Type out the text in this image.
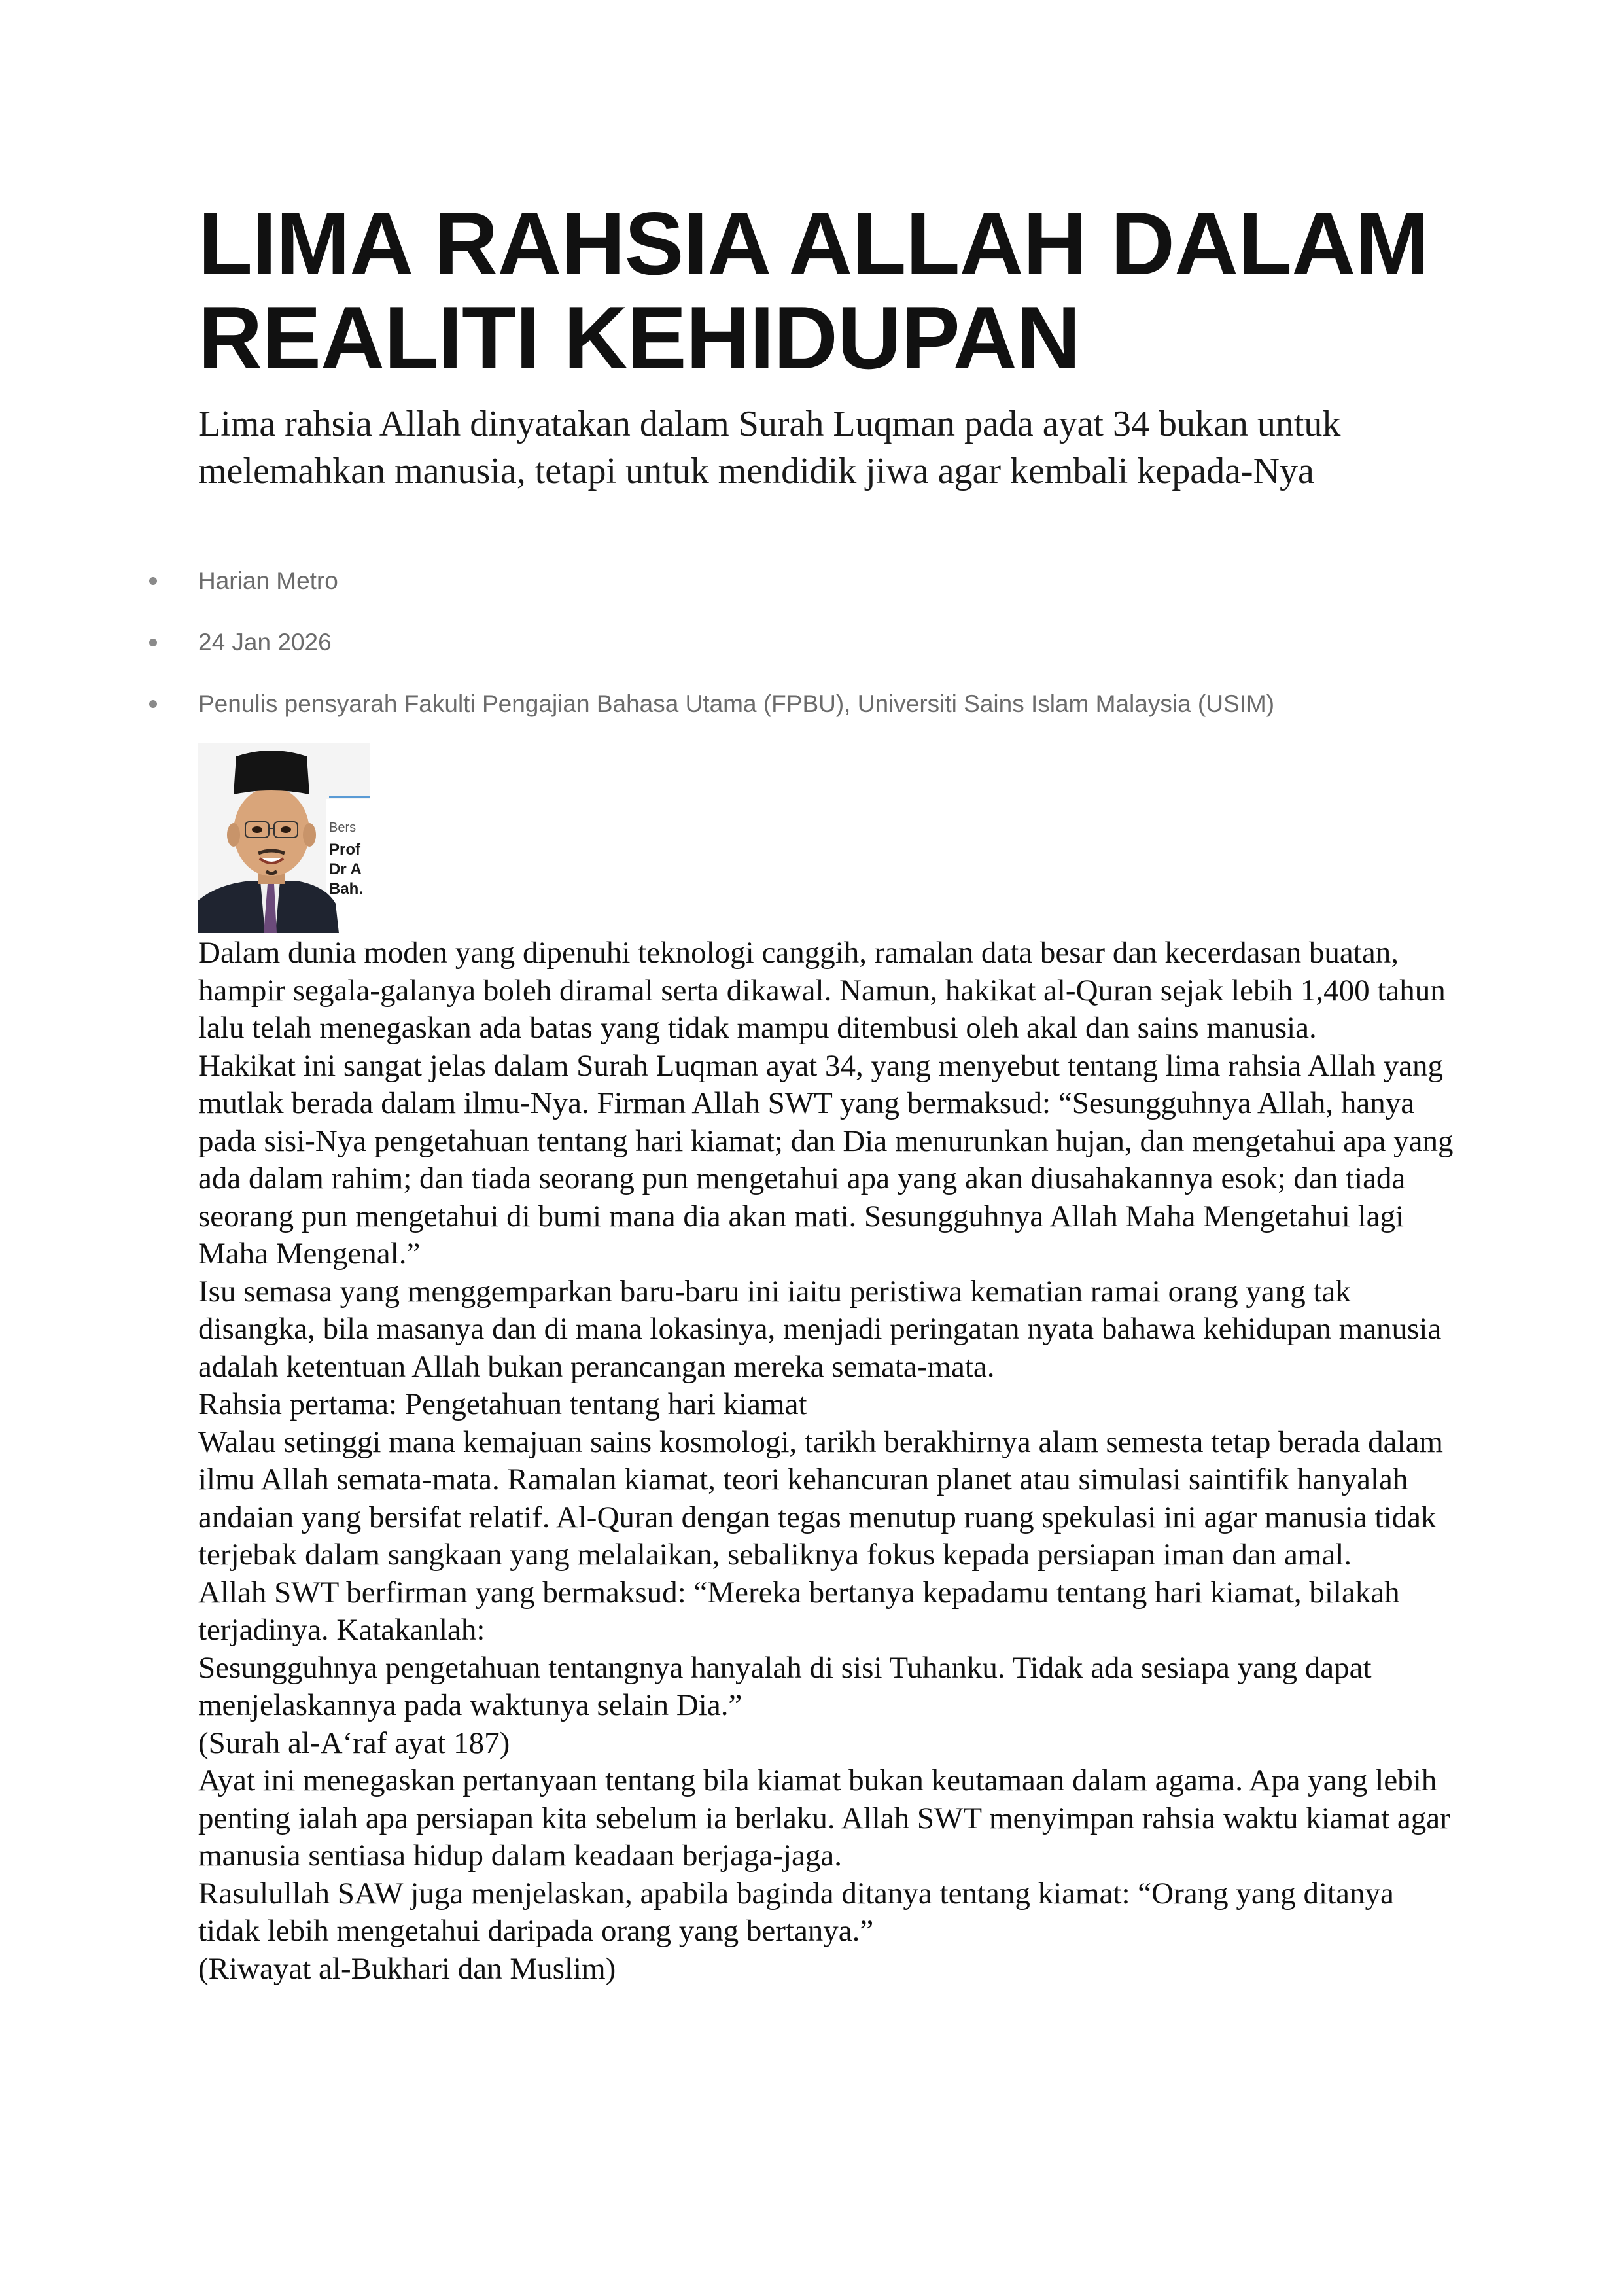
LIMA RAHSIA ALLAH DALAM REALITI KEHIDUPAN

Lima rahsia Allah dinyatakan dalam Surah Luqman pada ayat 34 bukan untuk melemahkan manusia, tetapi untuk mendidik jiwa agar kembali kepada-Nya

Harian Metro
24 Jan 2026
Penulis pensyarah Fakulti Pengajian Bahasa Utama (FPBU), Universiti Sains Islam Malaysia (USIM)
Bers
Prof
Dr A
Bah.

Dalam dunia moden yang dipenuhi teknologi canggih, ramalan data besar dan kecerdasan buatan, hampir segala-galanya boleh diramal serta dikawal. Namun, hakikat al-Quran sejak lebih 1,400 tahun lalu telah menegaskan ada batas yang tidak mampu ditembusi oleh akal dan sains manusia.

Hakikat ini sangat jelas dalam Surah Luqman ayat 34, yang menyebut tentang lima rahsia Allah yang mutlak berada dalam ilmu-Nya. Firman Allah SWT yang bermaksud: “Sesungguhnya Allah, hanya pada sisi-Nya pengetahuan tentang hari kiamat; dan Dia menurunkan hujan, dan mengetahui apa yang ada dalam rahim; dan tiada seorang pun mengetahui apa yang akan diusahakannya esok; dan tiada seorang pun mengetahui di bumi mana dia akan mati. Sesungguhnya Allah Maha Mengetahui lagi Maha Mengenal.”

Isu semasa yang menggemparkan baru-baru ini iaitu peristiwa kematian ramai orang yang tak disangka, bila masanya dan di mana lokasinya, menjadi peringatan nyata bahawa kehidupan manusia adalah ketentuan Allah bukan perancangan mereka semata-mata.

Rahsia pertama: Pengetahuan tentang hari kiamat

Walau setinggi mana kemajuan sains kosmologi, tarikh berakhirnya alam semesta tetap berada dalam ilmu Allah semata-mata. Ramalan kiamat, teori kehancuran planet atau simulasi saintifik hanyalah andaian yang bersifat relatif. Al-Quran dengan tegas menutup ruang spekulasi ini agar manusia tidak terjebak dalam sangkaan yang melalaikan, sebaliknya fokus kepada persiapan iman dan amal.

Allah SWT berfirman yang bermaksud: “Mereka bertanya kepadamu tentang hari kiamat, bilakah terjadinya. Katakanlah:

Sesungguhnya pengetahuan tentangnya hanyalah di sisi Tuhanku. Tidak ada sesiapa yang dapat menjelaskannya pada waktunya selain Dia.”

(Surah al-A‘raf ayat 187)

Ayat ini menegaskan pertanyaan tentang bila kiamat bukan keutamaan dalam agama. Apa yang lebih penting ialah apa persiapan kita sebelum ia berlaku. Allah SWT menyimpan rahsia waktu kiamat agar manusia sentiasa hidup dalam keadaan berjaga-jaga.

Rasulullah SAW juga menjelaskan, apabila baginda ditanya tentang kiamat: “Orang yang ditanya tidak lebih mengetahui daripada orang yang bertanya.”

(Riwayat al-Bukhari dan Muslim)
